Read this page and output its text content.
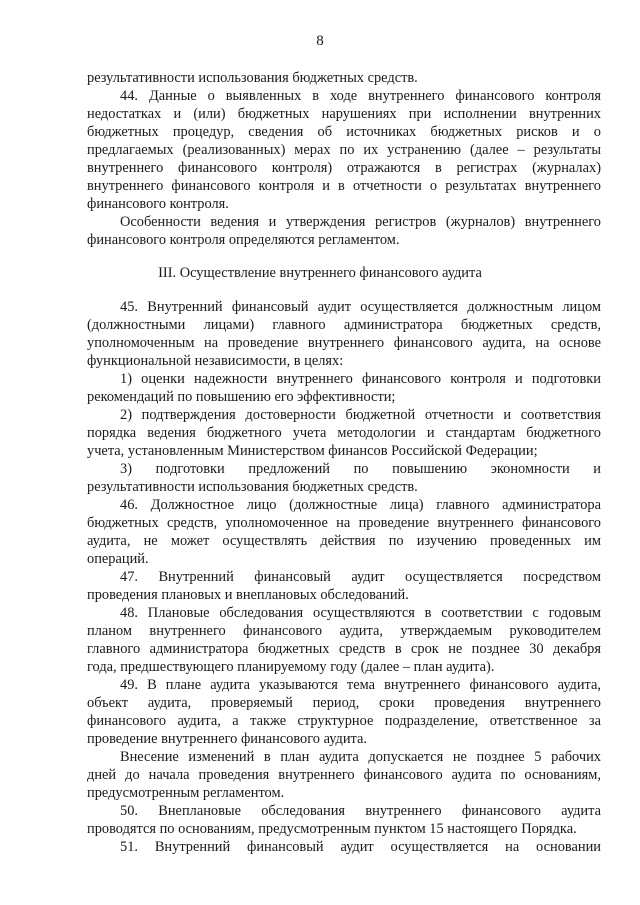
8
результативности использования бюджетных средств.
44. Данные о выявленных в ходе внутреннего финансового контроля
недостатках и (или) бюджетных нарушениях при исполнении внутренних
бюджетных процедур, сведения об источниках бюджетных рисков и о
предлагаемых (реализованных) мерах по их устранению (далее – результаты
внутреннего финансового контроля) отражаются в регистрах (журналах)
внутреннего финансового контроля и в отчетности о результатах внутреннего
финансового контроля.
Особенности ведения и утверждения регистров (журналов) внутреннего
финансового контроля определяются регламентом.
III. Осуществление внутреннего финансового аудита
45. Внутренний финансовый аудит осуществляется должностным лицом
(должностными лицами) главного администратора бюджетных средств,
уполномоченным на проведение внутреннего финансового аудита, на основе
функциональной независимости, в целях:
1) оценки надежности внутреннего финансового контроля и подготовки
рекомендаций по повышению его эффективности;
2) подтверждения достоверности бюджетной отчетности и соответствия
порядка ведения бюджетного учета методологии и стандартам бюджетного
учета, установленным Министерством финансов Российской Федерации;
3) подготовки предложений по повышению экономности и
результативности использования бюджетных средств.
46. Должностное лицо (должностные лица) главного администратора
бюджетных средств, уполномоченное на проведение внутреннего финансового
аудита, не может осуществлять действия по изучению проведенных им
операций.
47. Внутренний финансовый аудит осуществляется посредством
проведения плановых и внеплановых обследований.
48. Плановые обследования осуществляются в соответствии с годовым
планом внутреннего финансового аудита, утверждаемым руководителем
главного администратора бюджетных средств в срок не позднее 30 декабря
года, предшествующего планируемому году (далее – план аудита).
49. В плане аудита указываются тема внутреннего финансового аудита,
объект аудита, проверяемый период, сроки проведения внутреннего
финансового аудита, а также структурное подразделение, ответственное за
проведение внутреннего финансового аудита.
Внесение изменений в план аудита допускается не позднее 5 рабочих
дней до начала проведения внутреннего финансового аудита по основаниям,
предусмотренным регламентом.
50. Внеплановые обследования внутреннего финансового аудита
проводятся по основаниям, предусмотренным пунктом 15 настоящего Порядка.
51. Внутренний финансовый аудит осуществляется на основании
